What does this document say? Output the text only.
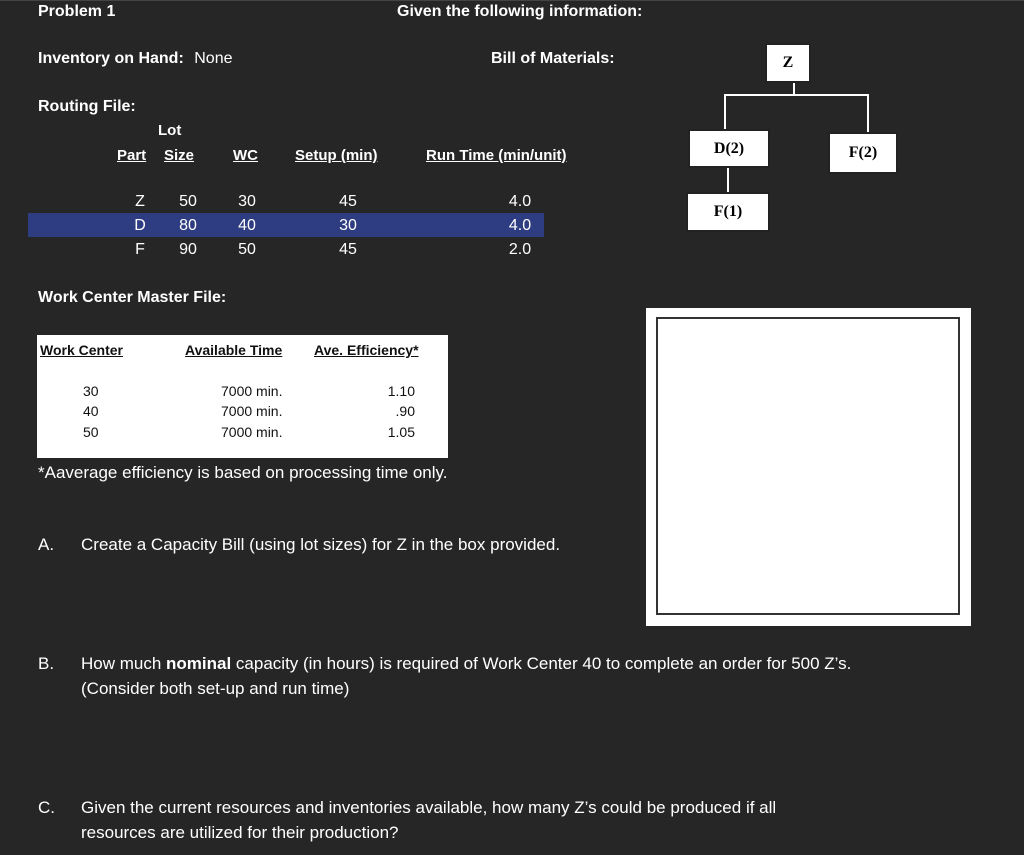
Problem 1	Given the following information:
Inventory on Hand: None	Bill of Materials:	Z
D(2)	F(2)
F(1)
Routing File:
Lot
Part Size	WC Setup (min)	Run Time (min/unit)
Z	50	30	45	4.0
D	80	40	30	4.0
F	90	50	45	2.0
Work Center Master File:
Work Center	Available Time Ave. Efficiency*
30	7000 min.	1.10
40	7000 min.	.90
50	7000 min.	1.05
*Aaverage efficiency is based on processing time only.
A. Create a Capacity Bill (using lot sizes) for Z in the box provided.
B. How much nominal capacity (in hours) is required of Work Center 40 to complete an order for 500 Z’s.
(Consider both set-up and run time)
C. Given the current resources and inventories available, how many Z’s could be produced if all
resources are utilized for their production?
